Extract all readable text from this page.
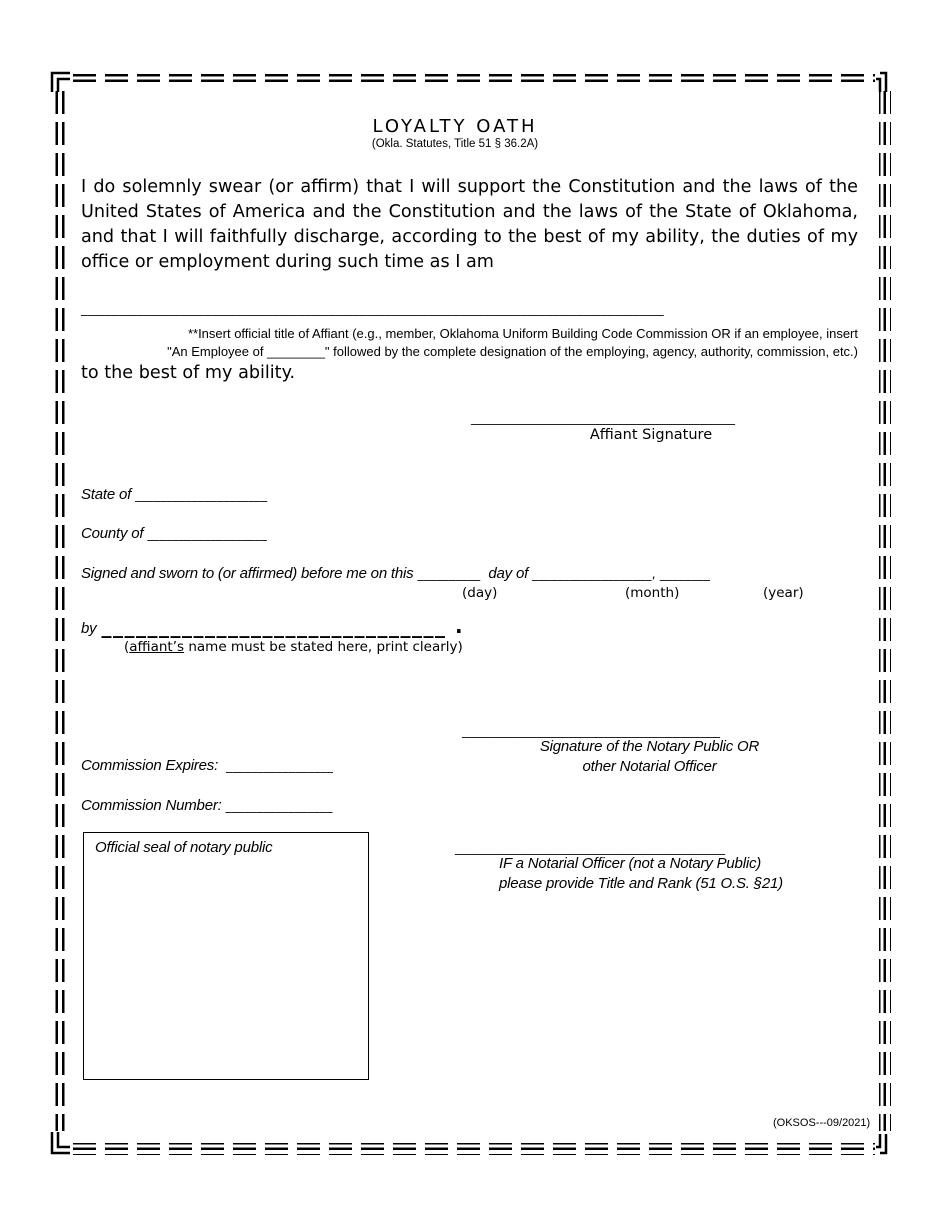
LOYALTY OATH
(Okla. Statutes, Title 51 § 36.2A)
I do solemnly swear (or affirm) that I will support the Constitution and the laws of the United States of America and the Constitution and the laws of the State of Oklahoma, and that I will faithfully discharge, according to the best of my ability, the duties of my office or employment during such time as I am
______________________________________________________________________________________________
**Insert official title of Affiant (e.g., member, Oklahoma Uniform Building Code Commission OR if an employee, insert
"An Employee of ________" followed by the complete designation of the employing, agency, authority, commission, etc.)
to the best of my ability.
____________________________________________
Affiant Signature
State of _____________________
County of ___________________
Signed and sworn to (or affirmed) before me on this __________ day of ___________________, ________
(day)	(month)	(year)
by ______________________________ .
(affiant’s name must be stated here, print clearly)
___________________________________________
Signature of the Notary Public OR
other Notarial Officer
Commission Expires: _________________
Commission Number: _________________
Official seal of notary public	_____________________________________________
IF a Notarial Officer (not a Notary Public)
please provide Title and Rank (51 O.S. §21)
(OKSOS---09/2021)
